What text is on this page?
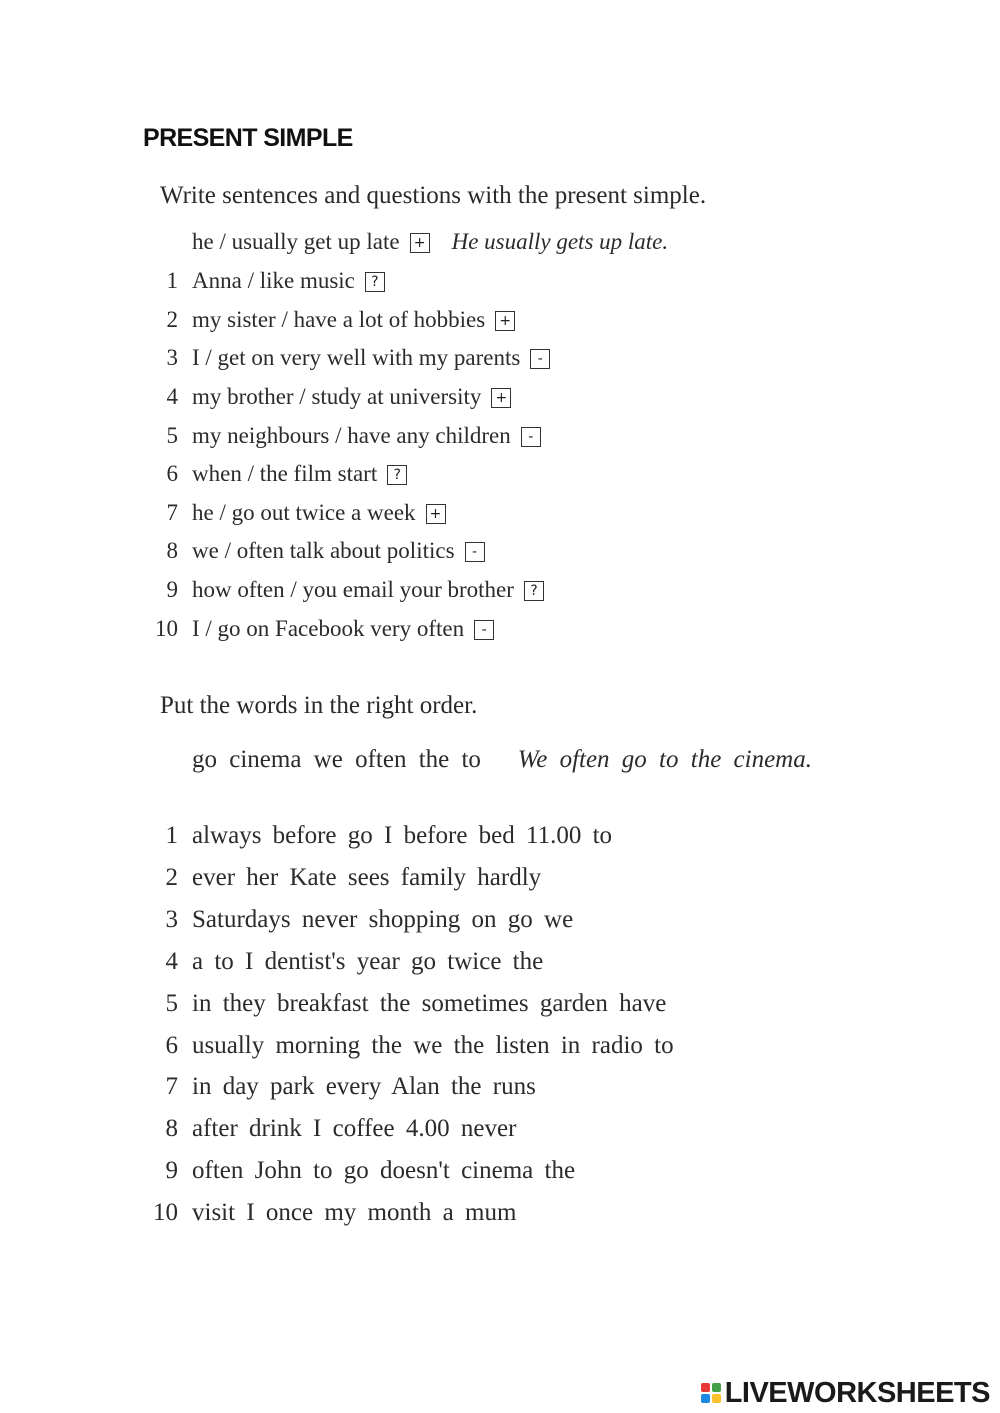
PRESENT SIMPLE
Write sentences and questions with the present simple.
he / usually get up late + He usually gets up late.
1 Anna / like music ?
2 my sister / have a lot of hobbies +
3 I / get on very well with my parents -
4 my brother / study at university +
5 my neighbours / have any children -
6 when / the film start ?
7 he / go out twice a week +
8 we / often talk about politics -
9 how often / you email your brother ?
10 I / go on Facebook very often -
Put the words in the right order.
go cinema we often the to We often go to the cinema.
1 always before go I before bed 11.00 to
2 ever her Kate sees family hardly
3 Saturdays never shopping on go we
4 a to I dentist's year go twice the
5 in they breakfast the sometimes garden have
6 usually morning the we the listen in radio to
7 in day park every Alan the runs
8 after drink I coffee 4.00 never
9 often John to go doesn't cinema the
10 visit I once my month a mum
LIVEWORKSHEETS
